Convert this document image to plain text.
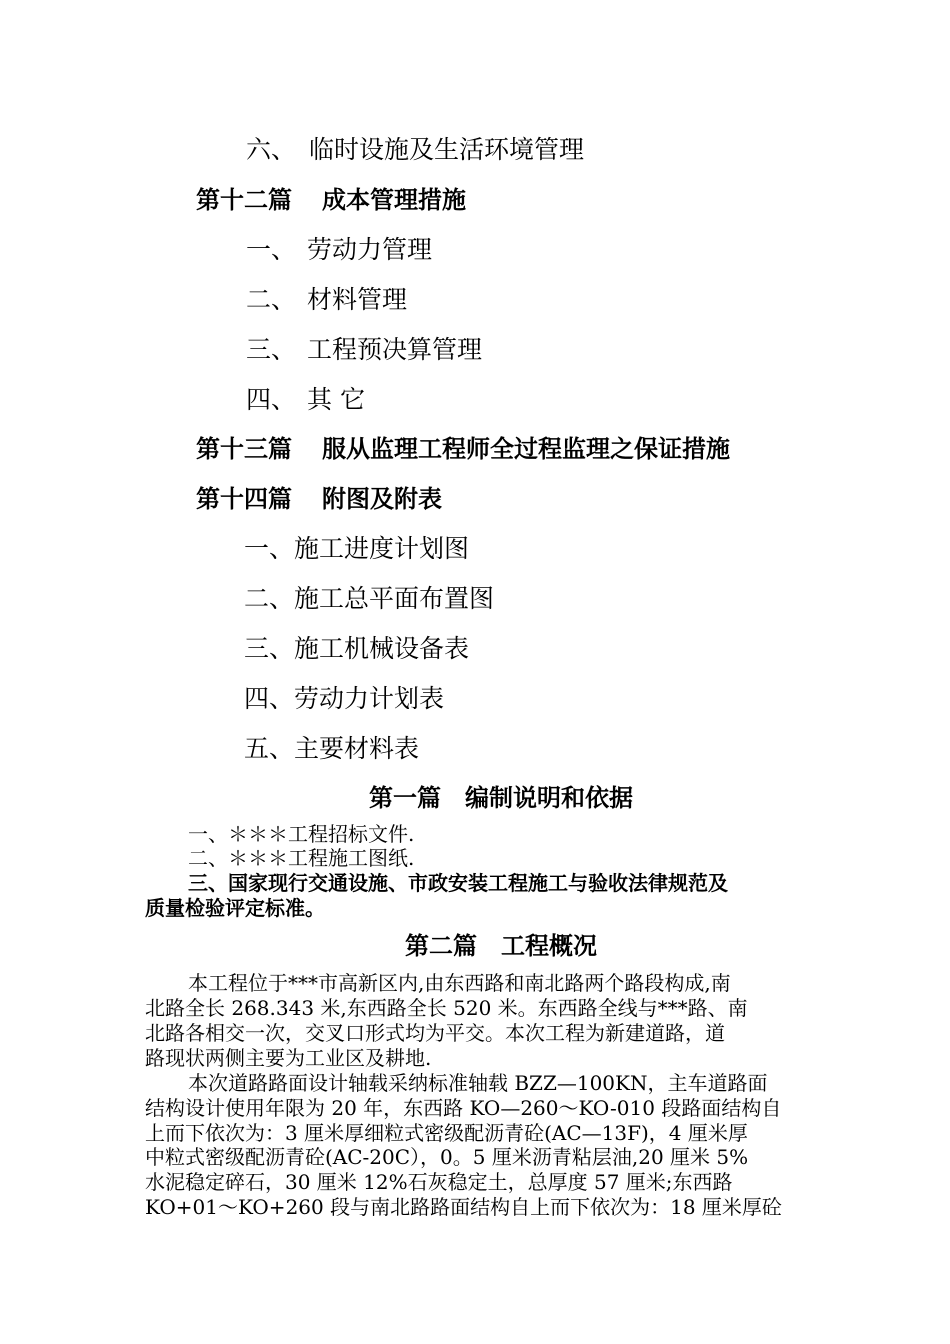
六、 临时设施及生活环境管理
第十二篇 成本管理措施
一、 劳动力管理
二、 材料管理
三、 工程预决算管理
四、 其 它
第十三篇 服从监理工程师全过程监理之保证措施
第十四篇 附图及附表
一、施工进度计划图
二、施工总平面布置图
三、施工机械设备表
四、劳动力计划表
五、主要材料表
第一篇　编制说明和依据
一、＊＊＊工程招标文件.
二、＊＊＊工程施工图纸.
三、国家现行交通设施、市政安装工程施工与验收法律规范及
质量检验评定标准。
第二篇　工程概况
本工程位于***市高新区内,由东西路和南北路两个路段构成,南
北路全长 268.343 米,东西路全长 520 米。东西路全线与***路、南
北路各相交一次，交叉口形式均为平交。本次工程为新建道路，道
路现状两侧主要为工业区及耕地.
本次道路路面设计轴载采纳标准轴载 BZZ—100KN，主车道路面
结构设计使用年限为 20 年，东西路 KO—260～KO-010 段路面结构自
上而下依次为：3 厘米厚细粒式密级配沥青砼(AC—13F)，4 厘米厚
中粒式密级配沥青砼(AC-20C），0。5 厘米沥青粘层油,20 厘米 5%
水泥稳定碎石，30 厘米 12%石灰稳定土，总厚度 57 厘米;东西路
KO+01～KO+260 段与南北路路面结构自上而下依次为：18 厘米厚砼
